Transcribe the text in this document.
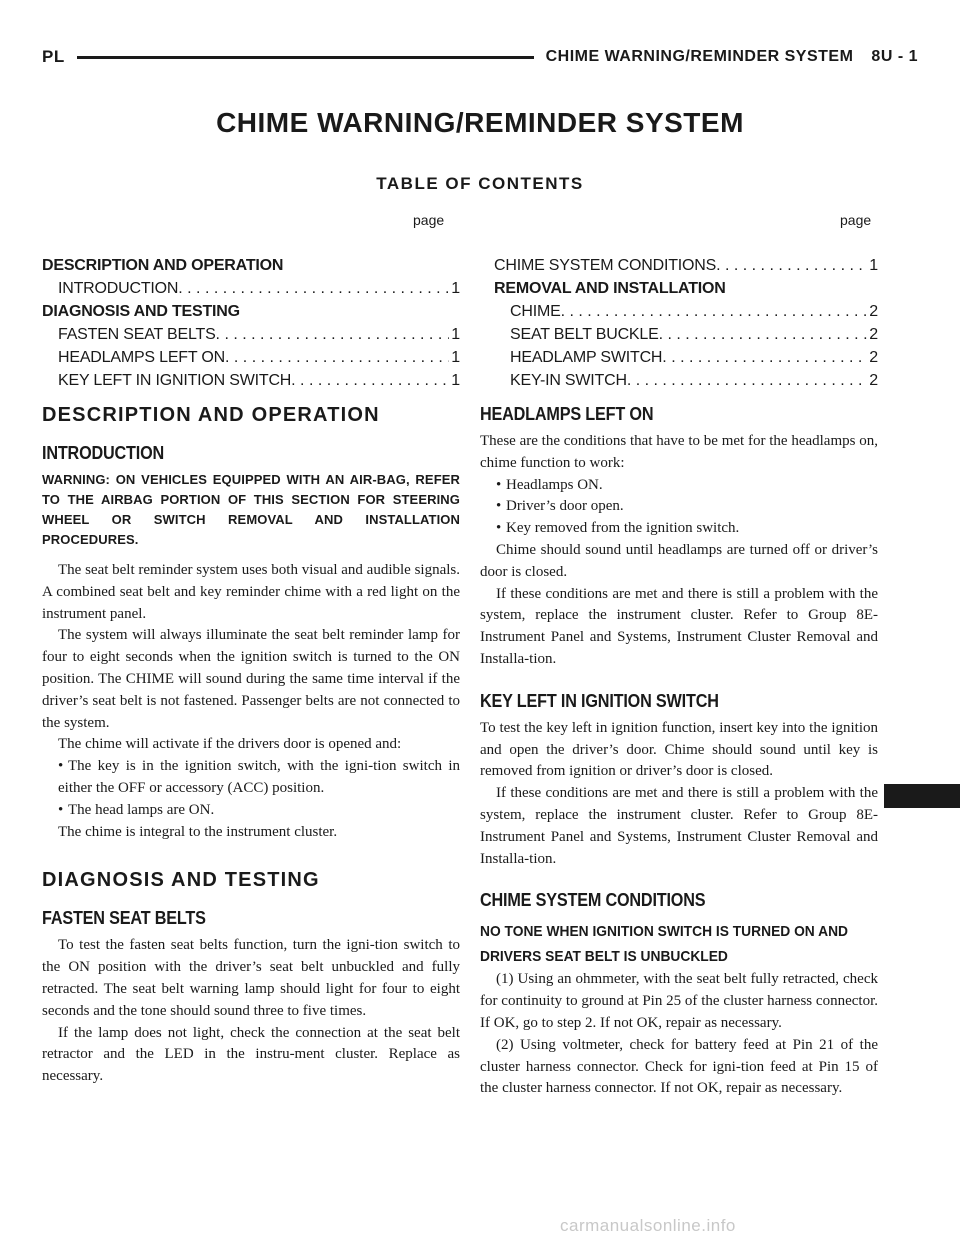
PL	CHIME WARNING/REMINDER SYSTEM 8U - 1
CHIME WARNING/REMINDER SYSTEM
TABLE OF CONTENTS
page	page
DESCRIPTION AND OPERATION
INTRODUCTION . . .	1
DIAGNOSIS AND TESTING
FASTEN SEAT BELTS . . .	1
HEADLAMPS LEFT ON . . .	1
KEY LEFT IN IGNITION SWITCH . . .	1
CHIME SYSTEM CONDITIONS . . .	1
REMOVAL AND INSTALLATION
CHIME . . .	2
SEAT BELT BUCKLE . . .	2
HEADLAMP SWITCH . . .	2
KEY-IN SWITCH . . .	2
DESCRIPTION AND OPERATION
INTRODUCTION
WARNING: ON VEHICLES EQUIPPED WITH AN AIR-BAG, REFER TO THE AIRBAG PORTION OF THIS SECTION FOR STEERING WHEEL OR SWITCH REMOVAL AND INSTALLATION PROCEDURES.

The seat belt reminder system uses both visual and audible signals. A combined seat belt and key reminder chime with a red light on the instrument panel.

The system will always illuminate the seat belt reminder lamp for four to eight seconds when the ignition switch is turned to the ON position. The CHIME will sound during the same time interval if the driver’s seat belt is not fastened. Passenger belts are not connected to the system.

The chime will activate if the drivers door is opened and:

• The key is in the ignition switch, with the igni-tion switch in either the OFF or accessory (ACC) position.
• The head lamps are ON.

The chime is integral to the instrument cluster.

DIAGNOSIS AND TESTING
FASTEN SEAT BELTS

To test the fasten seat belts function, turn the igni-tion switch to the ON position with the driver’s seat belt unbuckled and fully retracted. The seat belt warning lamp should light for four to eight seconds and the tone should sound three to five times.

If the lamp does not light, check the connection at the seat belt retractor and the LED in the instru-ment cluster. Replace as necessary.

HEADLAMPS LEFT ON

These are the conditions that have to be met for the headlamps on, chime function to work:

• Headlamps ON.
• Driver’s door open.
• Key removed from the ignition switch.

Chime should sound until headlamps are turned off or driver’s door is closed.

If these conditions are met and there is still a problem with the system, replace the instrument cluster. Refer to Group 8E-Instrument Panel and Systems, Instrument Cluster Removal and Installa-tion.

KEY LEFT IN IGNITION SWITCH

To test the key left in ignition function, insert key into the ignition and open the driver’s door. Chime should sound until key is removed from ignition or driver’s door is closed.

If these conditions are met and there is still a problem with the system, replace the instrument cluster. Refer to Group 8E-Instrument Panel and Systems, Instrument Cluster Removal and Installa-tion.

CHIME SYSTEM CONDITIONS
NO TONE WHEN IGNITION SWITCH IS TURNED ON AND DRIVERS SEAT BELT IS UNBUCKLED

(1) Using an ohmmeter, with the seat belt fully retracted, check for continuity to ground at Pin 25 of the cluster harness connector. If OK, go to step 2. If not OK, repair as necessary.

(2) Using voltmeter, check for battery feed at Pin 21 of the cluster harness connector. Check for igni-tion feed at Pin 15 of the cluster harness connector. If not OK, repair as necessary.

carmanualsonline.info
